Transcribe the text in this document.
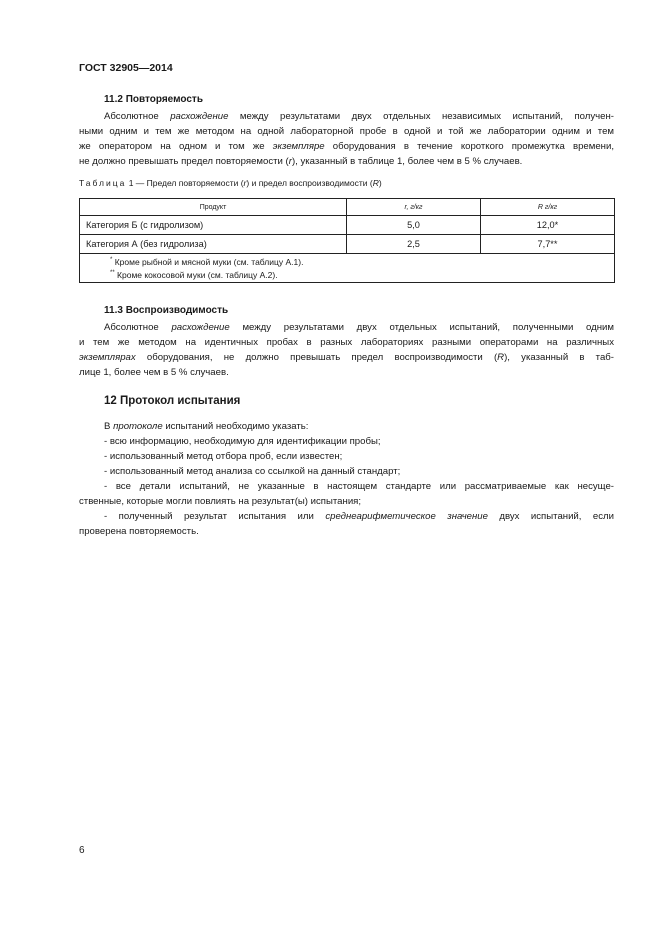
ГОСТ 32905—2014
11.2 Повторяемость
Абсолютное расхождение между результатами двух отдельных независимых испытаний, получен-
ными одним и тем же методом на одной лабораторной пробе в одной и той же лаборатории одним и тем
же оператором на одном и том же экземпляре оборудования в течение короткого промежутка времени,
не должно превышать предел повторяемости (r), указанный в таблице 1, более чем в 5 % случаев.
Таблица 1 — Предел повторяемости (r) и предел воспроизводимости (R)
Продукт	r, г/кг	R г/кг
Категория Б (с гидролизом)	5,0	12,0*
Категория А (без гидролиза)	2,5	7,7**

* Кроме рыбной и мясной муки (см. таблицу А.1).
** Кроме кокосовой муки (см. таблицу А.2).		
11.3 Воспроизводимость
Абсолютное расхождение между результатами двух отдельных испытаний, полученными одним
и тем же методом на идентичных пробах в разных лабораториях разными операторами на различных
экземплярах оборудования, не должно превышать предел воспроизводимости (R), указанный в таб-
лице 1, более чем в 5 % случаев.
12 Протокол испытания
В протоколе испытаний необходимо указать:
- всю информацию, необходимую для идентификации пробы;
- использованный метод отбора проб, если известен;
- использованный метод анализа со ссылкой на данный стандарт;
- все детали испытаний, не указанные в настоящем стандарте или рассматриваемые как несуще-
ственные, которые могли повлиять на результат(ы) испытания;
- полученный результат испытания или среднеарифметическое значение двух испытаний, если
проверена повторяемость.
6
